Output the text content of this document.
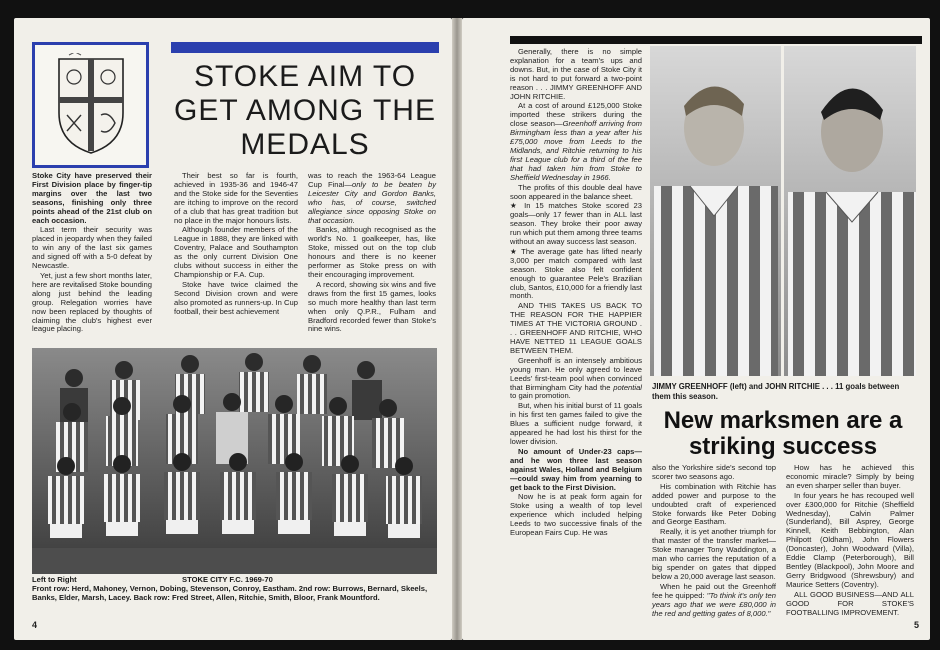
STOKE AIM TO GET AMONG THE MEDALS

Stoke City have preserved their First Division place by finger-tip margins over the last two seasons, finishing only three points ahead of the 21st club on each occasion.

Last term their security was placed in jeopardy when they failed to win any of the last six games and signed off with a 5-0 defeat by Newcastle.

Yet, just a few short months later, here are revitalised Stoke bounding along just behind the leading group. Relegation worries have now been replaced by thoughts of claiming the club's highest ever league placing.

Their best so far is fourth, achieved in 1935-36 and 1946-47 and the Stoke side for the Seventies are itching to improve on the record of a club that has great tradition but no place in the major honours lists.

Although founder members of the League in 1888, they are linked with Coventry, Palace and Southampton as the only current Division One clubs without success in either the Championship or F.A. Cup.

Stoke have twice claimed the Second Division crown and were also promoted as runners-up. In Cup football, their best achievement

was to reach the 1963-64 League Cup Final—only to be beaten by Leicester City and Gordon Banks, who has, of course, switched allegiance since opposing Stoke on that occasion.

Banks, although recognised as the world's No. 1 goalkeeper, has, like Stoke, missed out on the top club honours and there is no keener performer as Stoke press on with their encouraging improvement.

A record, showing six wins and five draws from the first 15 games, looks so much more healthy than last term when only Q.P.R., Fulham and Bradford recorded fewer than Stoke's nine wins.

Left to Right	STOKE CITY F.C. 1969-70
Front row: Herd, Mahoney, Vernon, Dobing, Stevenson, Conroy, Eastham. 2nd row: Burrows, Bernard, Skeels, Banks, Elder, Marsh, Lacey. Back row: Fred Street, Allen, Ritchie, Smith, Bloor, Frank Mountford.
4

Generally, there is no simple explanation for a team's ups and downs. But, in the case of Stoke City it is not hard to put forward a two-point reason . . . JIMMY GREENHOFF AND JOHN RITCHIE.

At a cost of around £125,000 Stoke imported these strikers during the close season—Greenhoff arriving from Birmingham less than a year after his £75,000 move from Leeds to the Midlands, and Ritchie returning to his first League club for a third of the fee that had taken him from Stoke to Sheffield Wednesday in 1966.

The profits of this double deal have soon appeared in the balance sheet.

★ In 15 matches Stoke scored 23 goals—only 17 fewer than in ALL last season. They broke their poor away run which put them among three teams without an away success last season.

★ The average gate has lifted nearly 3,000 per match compared with last season. Stoke also felt confident enough to guarantee Pele's Brazilian club, Santos, £10,000 for a friendly last month.

AND THIS TAKES US BACK TO THE REASON FOR THE HAPPIER TIMES AT THE VICTORIA GROUND . . . GREENHOFF AND RITCHIE, WHO HAVE NETTED 11 LEAGUE GOALS BETWEEN THEM.

Greenhoff is an intensely ambitious young man. He only agreed to leave Leeds' first-team pool when convinced that Birmingham City had the potential to gain promotion.

But, when his initial burst of 11 goals in his first ten games failed to give the Blues a sufficient nudge forward, it appeared he had lost his thirst for the lower division.

No amount of Under-23 caps—and he won three last season against Wales, Holland and Belgium—could sway him from yearning to get back to the First Division.

Now he is at peak form again for Stoke using a wealth of top level experience which included helping Leeds to two successive finals of the European Fairs Cup. He was

JIMMY GREENHOFF (left) and JOHN RITCHIE . . . 11 goals between them this season.
New marksmen are a striking success

also the Yorkshire side's second top scorer two seasons ago.

His combination with Ritchie has added power and purpose to the undoubted craft of experienced Stoke forwards like Peter Dobing and George Eastham.

Really, it is yet another triumph for that master of the transfer market—Stoke manager Tony Waddington, a man who carries the reputation of a big spender on gates that dipped below a 20,000 average last season.

When he paid out the Greenhoff fee he quipped: "To think it's only ten years ago that we were £80,000 in the red and getting gates of 8,000."

How has he achieved this economic miracle? Simply by being an even sharper seller than buyer.

In four years he has recouped well over £300,000 for Ritchie (Sheffield Wednesday), Calvin Palmer (Sunderland), Bill Asprey, George Kinnell, Keith Bebbington, Alan Philpott (Oldham), John Flowers (Doncaster), John Woodward (Villa), Eddie Clamp (Peterborough), Bill Bentley (Blackpool), John Moore and Gerry Bridgwood (Shrewsbury) and Maurice Setters (Coventry).

ALL GOOD BUSINESS—AND ALL GOOD FOR STOKE'S FOOTBALLING IMPROVEMENT.

5
